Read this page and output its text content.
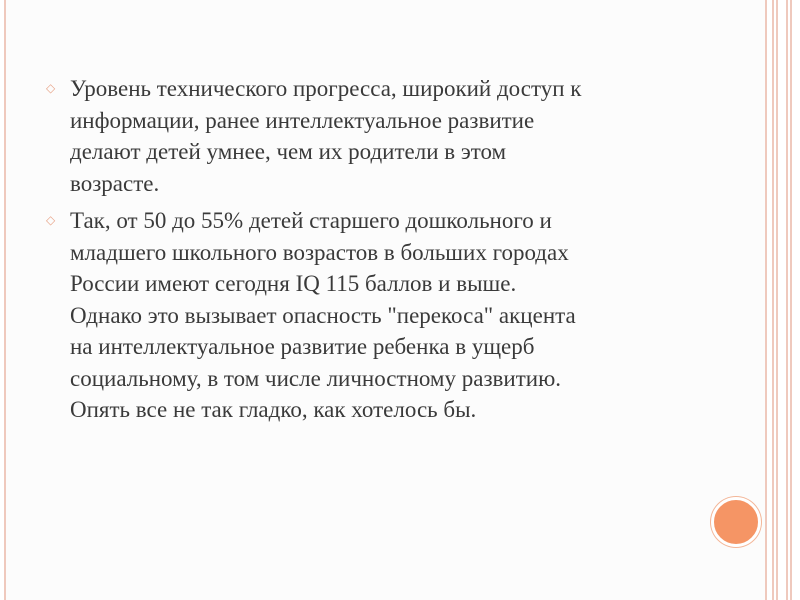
◇ Уровень технического прогресса, широкий доступ к
информации, ранее интеллектуальное развитие
делают детей умнее, чем их родители в этом
возрасте.
◇ Так, от 50 до 55% детей старшего дошкольного и
младшего школьного возрастов в больших городах
России имеют сегодня IQ 115 баллов и выше.
Однако это вызывает опасность "перекоса" акцента
на интеллектуальное развитие ребенка в ущерб
социальному, в том числе личностному развитию.
Опять все не так гладко, как хотелось бы.
